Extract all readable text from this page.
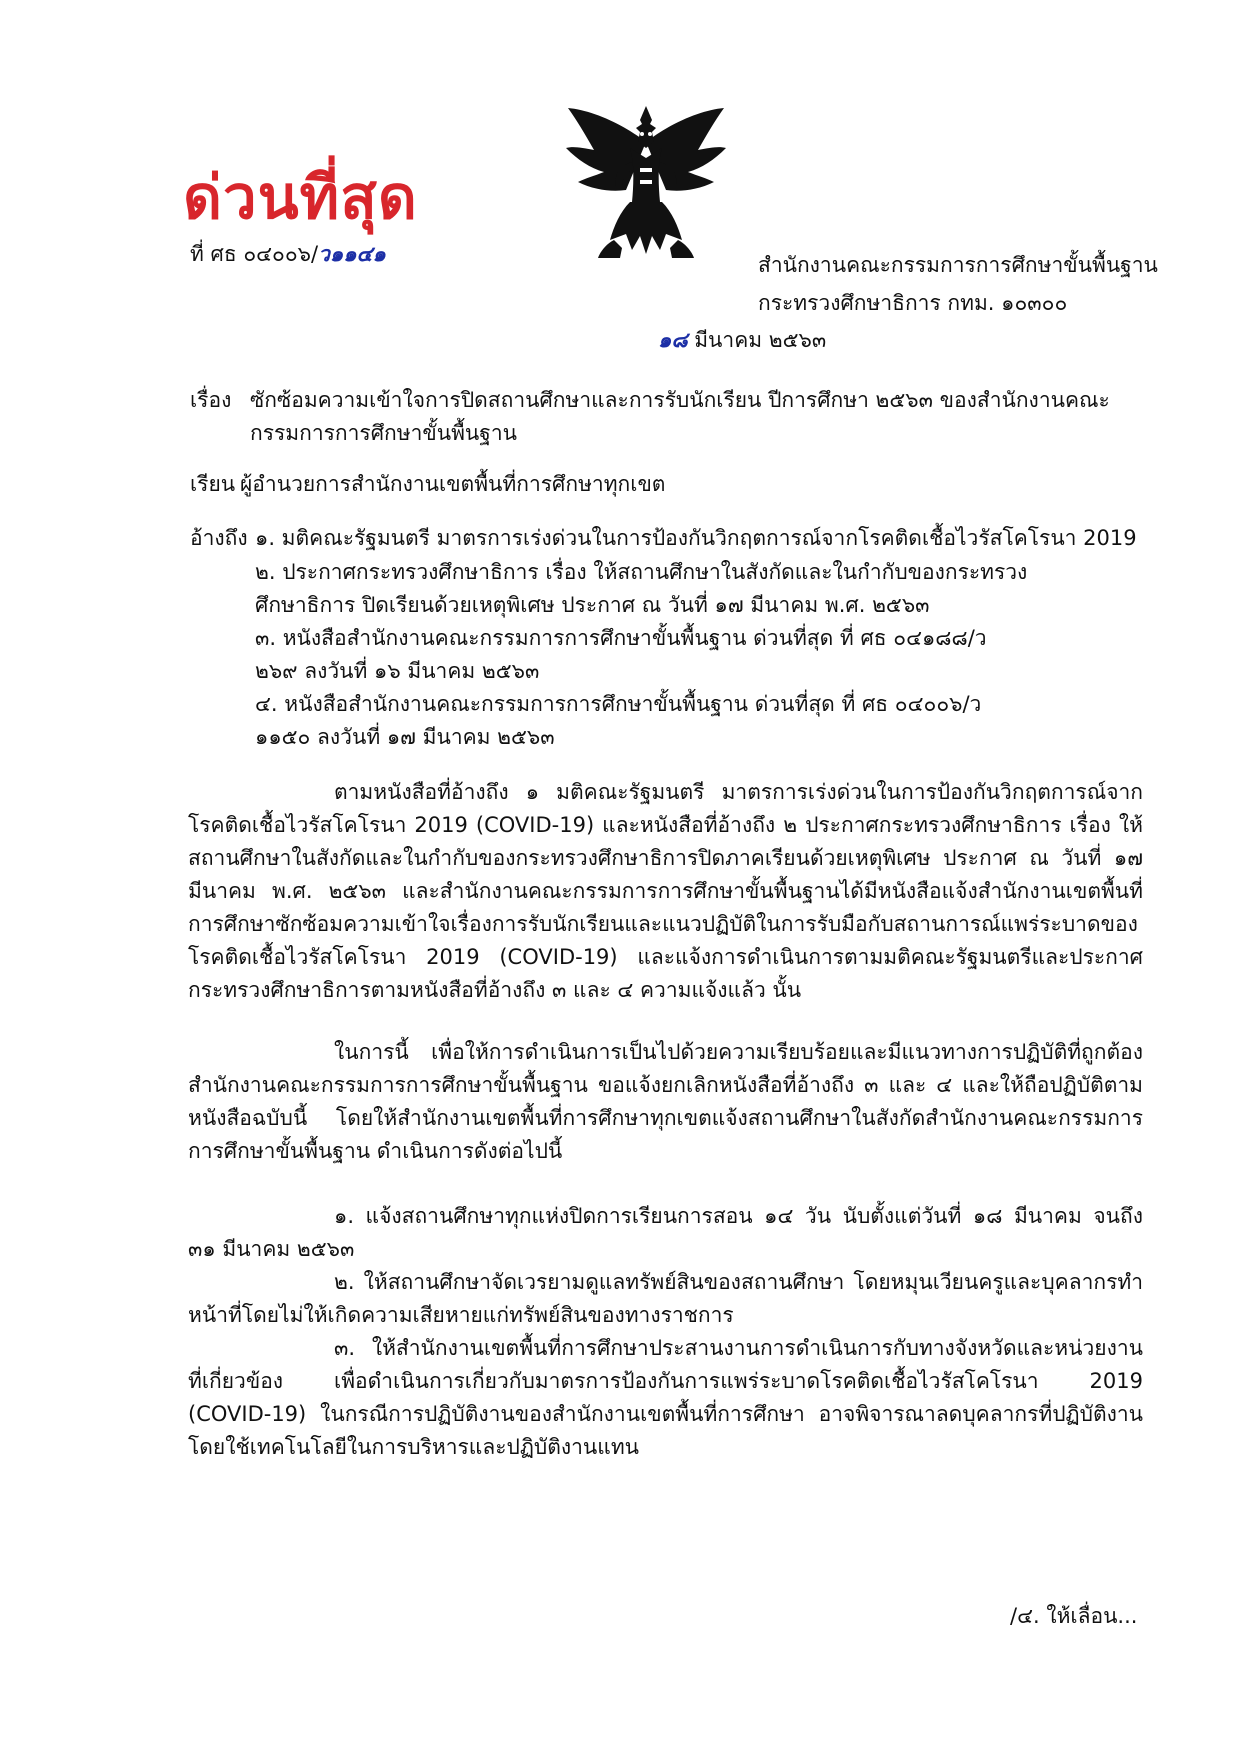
ด่วนที่สุด
ที่ ศธ ๐๔๐๐๖/ว๑๑๔๑	สำนักงานคณะกรรมการการศึกษาขั้นพื้นฐาน
กระทรวงศึกษาธิการ กทม. ๑๐๓๐๐
๑๘ มีนาคม ๒๕๖๓
เรื่อง ซักซ้อมความเข้าใจการปิดสถานศึกษาและการรับนักเรียน ปีการศึกษา ๒๕๖๓ ของสำนักงานคณะกรรมการการศึกษาขั้นพื้นฐาน
เรียน ผู้อำนวยการสำนักงานเขตพื้นที่การศึกษาทุกเขต
อ้างถึง ๑. มติคณะรัฐมนตรี มาตรการเร่งด่วนในการป้องกันวิกฤตการณ์จากโรคติดเชื้อไวรัสโคโรนา 2019
๒. ประกาศกระทรวงศึกษาธิการ เรื่อง ให้สถานศึกษาในสังกัดและในกำกับของกระทรวงศึกษาธิการ ปิดเรียนด้วยเหตุพิเศษ ประกาศ ณ วันที่ ๑๗ มีนาคม พ.ศ. ๒๕๖๓
๓. หนังสือสำนักงานคณะกรรมการการศึกษาขั้นพื้นฐาน ด่วนที่สุด ที่ ศธ ๐๔๑๘๘/ว ๒๖๙ ลงวันที่ ๑๖ มีนาคม ๒๕๖๓
๔. หนังสือสำนักงานคณะกรรมการการศึกษาขั้นพื้นฐาน ด่วนที่สุด ที่ ศธ ๐๔๐๐๖/ว ๑๑๕๐ ลงวันที่ ๑๗ มีนาคม ๒๕๖๓
ตามหนังสือที่อ้างถึง ๑ มติคณะรัฐมนตรี มาตรการเร่งด่วนในการป้องกันวิกฤตการณ์จากโรคติดเชื้อไวรัสโคโรนา 2019 (COVID-19) และหนังสือที่อ้างถึง ๒ ประกาศกระทรวงศึกษาธิการ เรื่อง ให้สถานศึกษาในสังกัดและในกำกับของกระทรวงศึกษาธิการปิดภาคเรียนด้วยเหตุพิเศษ ประกาศ ณ วันที่ ๑๗ มีนาคม พ.ศ. ๒๕๖๓ และสำนักงานคณะกรรมการการศึกษาขั้นพื้นฐานได้มีหนังสือแจ้งสำนักงานเขตพื้นที่การศึกษาซักซ้อมความเข้าใจเรื่องการรับนักเรียนและแนวปฏิบัติในการรับมือกับสถานการณ์แพร่ระบาดของโรคติดเชื้อไวรัสโคโรนา 2019 (COVID-19) และแจ้งการดำเนินการตามมติคณะรัฐมนตรีและประกาศกระทรวงศึกษาธิการตามหนังสือที่อ้างถึง ๓ และ ๔ ความแจ้งแล้ว นั้น
ในการนี้ เพื่อให้การดำเนินการเป็นไปด้วยความเรียบร้อยและมีแนวทางการปฏิบัติที่ถูกต้อง สำนักงานคณะกรรมการการศึกษาขั้นพื้นฐาน ขอแจ้งยกเลิกหนังสือที่อ้างถึง ๓ และ ๔ และให้ถือปฏิบัติตามหนังสือฉบับนี้ โดยให้สำนักงานเขตพื้นที่การศึกษาทุกเขตแจ้งสถานศึกษาในสังกัดสำนักงานคณะกรรมการการศึกษาขั้นพื้นฐาน ดำเนินการดังต่อไปนี้
๑. แจ้งสถานศึกษาทุกแห่งปิดการเรียนการสอน ๑๔ วัน นับตั้งแต่วันที่ ๑๘ มีนาคม จนถึง ๓๑ มีนาคม ๒๕๖๓
๒. ให้สถานศึกษาจัดเวรยามดูแลทรัพย์สินของสถานศึกษา โดยหมุนเวียนครูและบุคลากรทำหน้าที่โดยไม่ให้เกิดความเสียหายแก่ทรัพย์สินของทางราชการ
๓. ให้สำนักงานเขตพื้นที่การศึกษาประสานงานการดำเนินการกับทางจังหวัดและหน่วยงานที่เกี่ยวข้อง เพื่อดำเนินการเกี่ยวกับมาตรการป้องกันการแพร่ระบาดโรคติดเชื้อไวรัสโคโรนา 2019 (COVID-19) ในกรณีการปฏิบัติงานของสำนักงานเขตพื้นที่การศึกษา อาจพิจารณาลดบุคลากรที่ปฏิบัติงาน โดยใช้เทคโนโลยีในการบริหารและปฏิบัติงานแทน
/๔. ให้เลื่อน...
